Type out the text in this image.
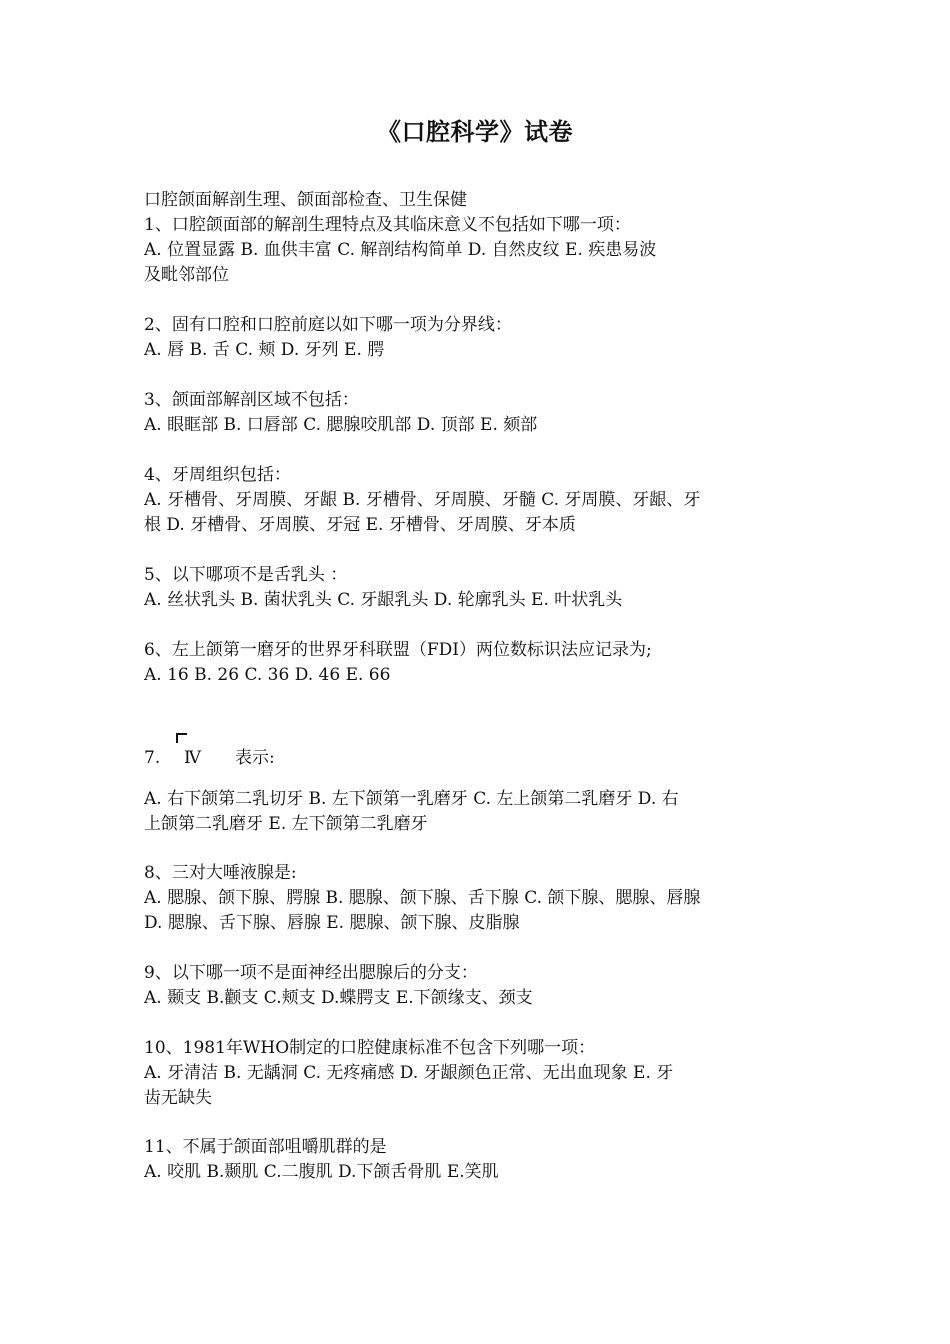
《口腔科学》试卷
口腔颌面解剖生理、颌面部检查、卫生保健
1、口腔颌面部的解剖生理特点及其临床意义不包括如下哪一项：
A. 位置显露 B. 血供丰富 C. 解剖结构简单 D. 自然皮纹 E. 疾患易波
及毗邻部位
2、固有口腔和口腔前庭以如下哪一项为分界线：
A. 唇 B. 舌 C. 颊 D. 牙列 E. 腭
3、颌面部解剖区域不包括：
A. 眼眶部 B. 口唇部 C. 腮腺咬肌部 D. 顶部 E. 颏部
4、牙周组织包括：
A. 牙槽骨、牙周膜、牙龈 B. 牙槽骨、牙周膜、牙髓 C. 牙周膜、牙龈、牙
根 D. 牙槽骨、牙周膜、牙冠 E. 牙槽骨、牙周膜、牙本质
5、以下哪项不是舌乳头 ：
A. 丝状乳头 B. 菌状乳头 C. 牙龈乳头 D. 轮廓乳头 E. 叶状乳头
6、左上颌第一磨牙的世界牙科联盟（FDI）两位数标识法应记录为;
A. 16 B. 26 C. 36 D. 46 E. 66
7. Ⅳ 表示:
A. 右下颌第二乳切牙 B. 左下颌第一乳磨牙 C. 左上颌第二乳磨牙 D. 右
上颌第二乳磨牙 E. 左下颌第二乳磨牙
8、三对大唾液腺是:
A. 腮腺、颌下腺、腭腺 B. 腮腺、颌下腺、舌下腺 C. 颌下腺、腮腺、唇腺
D. 腮腺、舌下腺、唇腺 E. 腮腺、颌下腺、皮脂腺
9、以下哪一项不是面神经出腮腺后的分支：
A. 颞支 B.颧支 C.颊支 D.蝶腭支 E.下颌缘支、颈支
10、1981年WHO制定的口腔健康标准不包含下列哪一项：
A. 牙清洁 B. 无龋洞 C. 无疼痛感 D. 牙龈颜色正常、无出血现象 E. 牙
齿无缺失
11、不属于颌面部咀嚼肌群的是
A. 咬肌 B.颞肌 C.二腹肌 D.下颌舌骨肌 E.笑肌
